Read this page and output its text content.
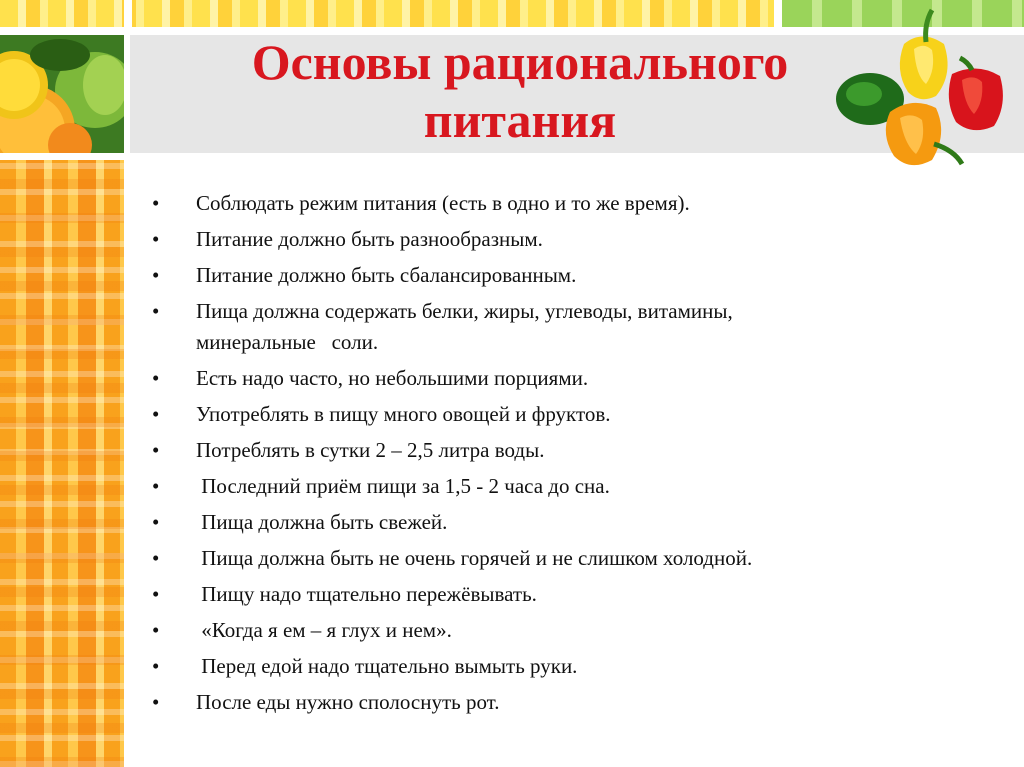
Основы рационального
питания
• Соблюдать режим питания (есть в одно и то же время).
• Питание должно быть разнообразным.
• Питание должно быть сбалансированным.
• Пища должна содержать белки, жиры, углеводы, витамины,
минеральные   соли.
• Есть надо часто, но небольшими порциями.
• Употреблять в пищу много овощей и фруктов.
• Потреблять в сутки 2 – 2,5 литра воды.
• Последний приём пищи за 1,5 - 2 часа до сна.
• Пища должна быть свежей.
• Пища должна быть не очень горячей и не слишком холодной.
• Пищу надо тщательно пережёвывать.
• «Когда я ем – я глух и нем».
• Перед едой надо тщательно вымыть руки.
• После еды нужно сполоснуть рот.
